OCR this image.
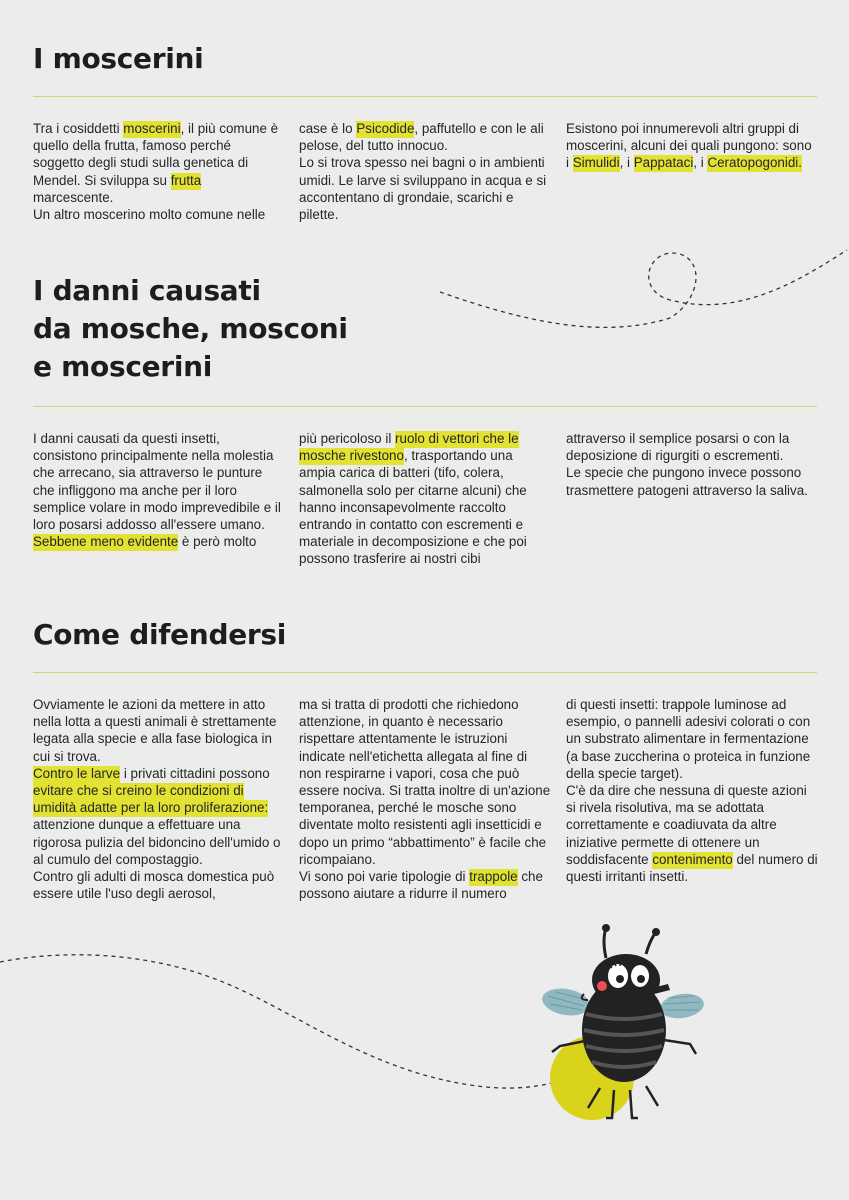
I moscerini
Tra i cosiddetti moscerini, il più comune è quello della frutta, famoso perché soggetto degli studi sulla genetica di Mendel. Si sviluppa su frutta marcescente.
Un altro moscerino molto comune nelle
case è lo Psicodide, paffutello e con le ali pelose, del tutto innocuo.
Lo si trova spesso nei bagni o in ambienti umidi. Le larve si sviluppano in acqua e si accontentano di grondaie, scarichi e pilette.
Esistono poi innumerevoli altri gruppi di moscerini, alcuni dei quali pungono: sono i Simulidi, i Pappataci, i Ceratopogonidi.
I danni causati
da mosche, mosconi
e moscerini
I danni causati da questi insetti, consistono principalmente nella molestia che arrecano, sia attraverso le punture che infliggono ma anche per il loro semplice volare in modo imprevedibile e il loro posarsi addosso all'essere umano.
Sebbene meno evidente è però molto
più pericoloso il ruolo di vettori che le mosche rivestono, trasportando una ampia carica di batteri (tifo, colera, salmonella solo per citarne alcuni) che hanno inconsapevolmente raccolto entrando in contatto con escrementi e materiale in decomposizione e che poi possono trasferire ai nostri cibi
attraverso il semplice posarsi o con la deposizione di rigurgiti o escrementi.
Le specie che pungono invece possono trasmettere patogeni attraverso la saliva.
Come difendersi
Ovviamente le azioni da mettere in atto nella lotta a questi animali è strettamente legata alla specie e alla fase biologica in cui si trova.
Contro le larve i privati cittadini possono evitare che si creino le condizioni di umidità adatte per la loro proliferazione: attenzione dunque a effettuare una rigorosa pulizia del bidoncino dell'umido o al cumulo del compostaggio.
Contro gli adulti di mosca domestica può essere utile l'uso degli aerosol,
ma si tratta di prodotti che richiedono attenzione, in quanto è necessario rispettare attentamente le istruzioni indicate nell'etichetta allegata al fine di non respirarne i vapori, cosa che può essere nociva. Si tratta inoltre di un'azione temporanea, perché le mosche sono diventate molto resistenti agli insetticidi e dopo un primo “abbattimento” è facile che ricompaiano.
Vi sono poi varie tipologie di trappole che possono aiutare a ridurre il numero
di questi insetti: trappole luminose ad esempio, o pannelli adesivi colorati o con un substrato alimentare in fermentazione (a base zuccherina o proteica in funzione della specie target).
C'è da dire che nessuna di queste azioni si rivela risolutiva, ma se adottata correttamente e coadiuvata da altre iniziative permette di ottenere un soddisfacente contenimento del numero di questi irritanti insetti.
